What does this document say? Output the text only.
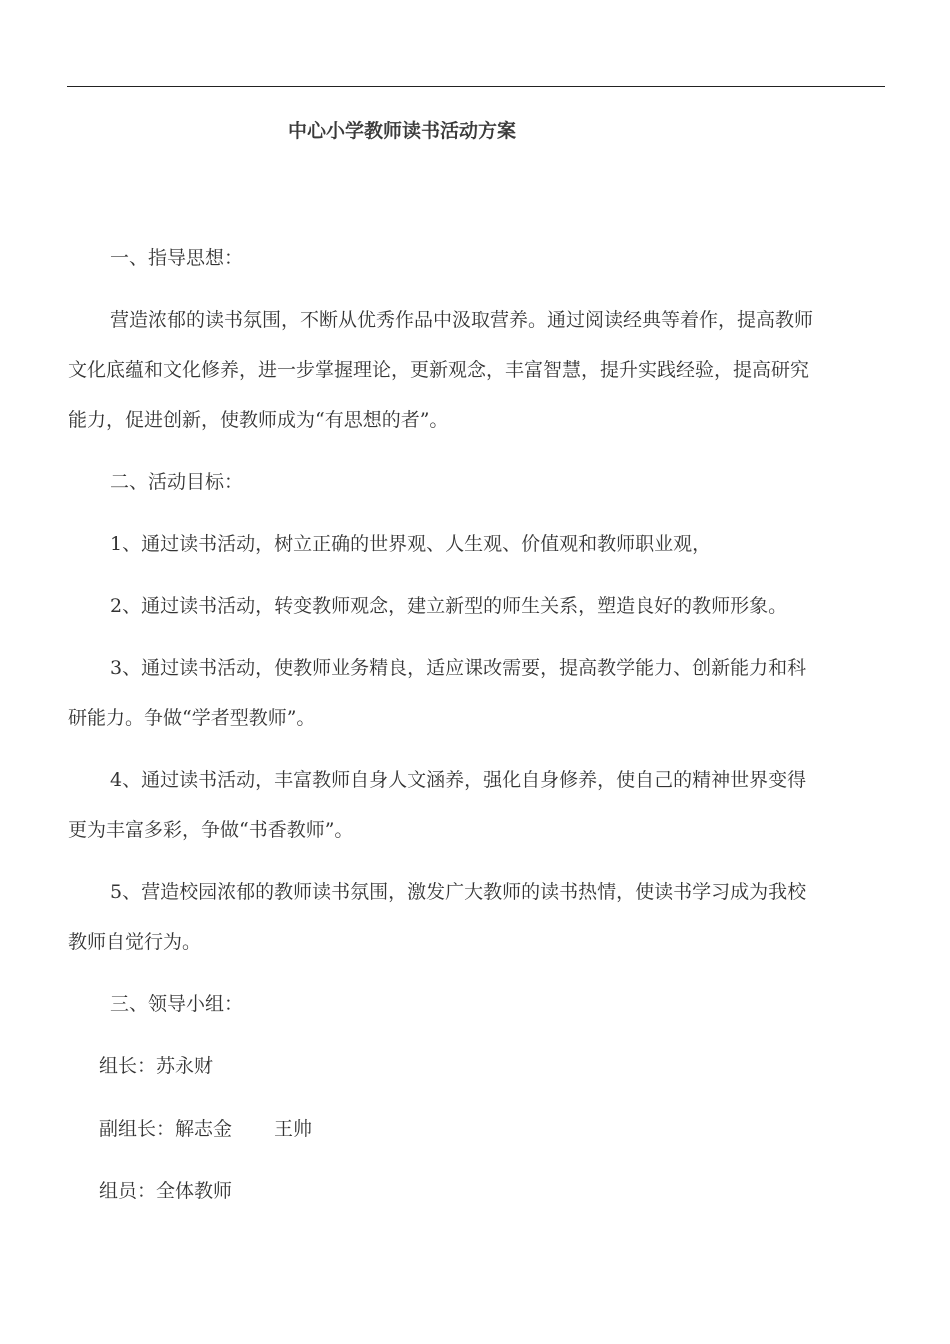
中心小学教师读书活动方案
一、指导思想：
营造浓郁的读书氛围，不断从优秀作品中汲取营养。通过阅读经典等着作，提高教师
文化底蕴和文化修养，进一步掌握理论，更新观念，丰富智慧，提升实践经验，提高研究
能力，促进创新，使教师成为“有思想的者”。
二、活动目标：
1、通过读书活动，树立正确的世界观、人生观、价值观和教师职业观，
2、通过读书活动，转变教师观念，建立新型的师生关系，塑造良好的教师形象。
3、通过读书活动，使教师业务精良，适应课改需要，提高教学能力、创新能力和科
研能力。争做“学者型教师”。
4、通过读书活动，丰富教师自身人文涵养，强化自身修养，使自己的精神世界变得
更为丰富多彩，争做“书香教师”。
5、营造校园浓郁的教师读书氛围，激发广大教师的读书热情，使读书学习成为我校
教师自觉行为。
三、领导小组：
组长：苏永财
副组长：解志金 王帅
组员：全体教师
